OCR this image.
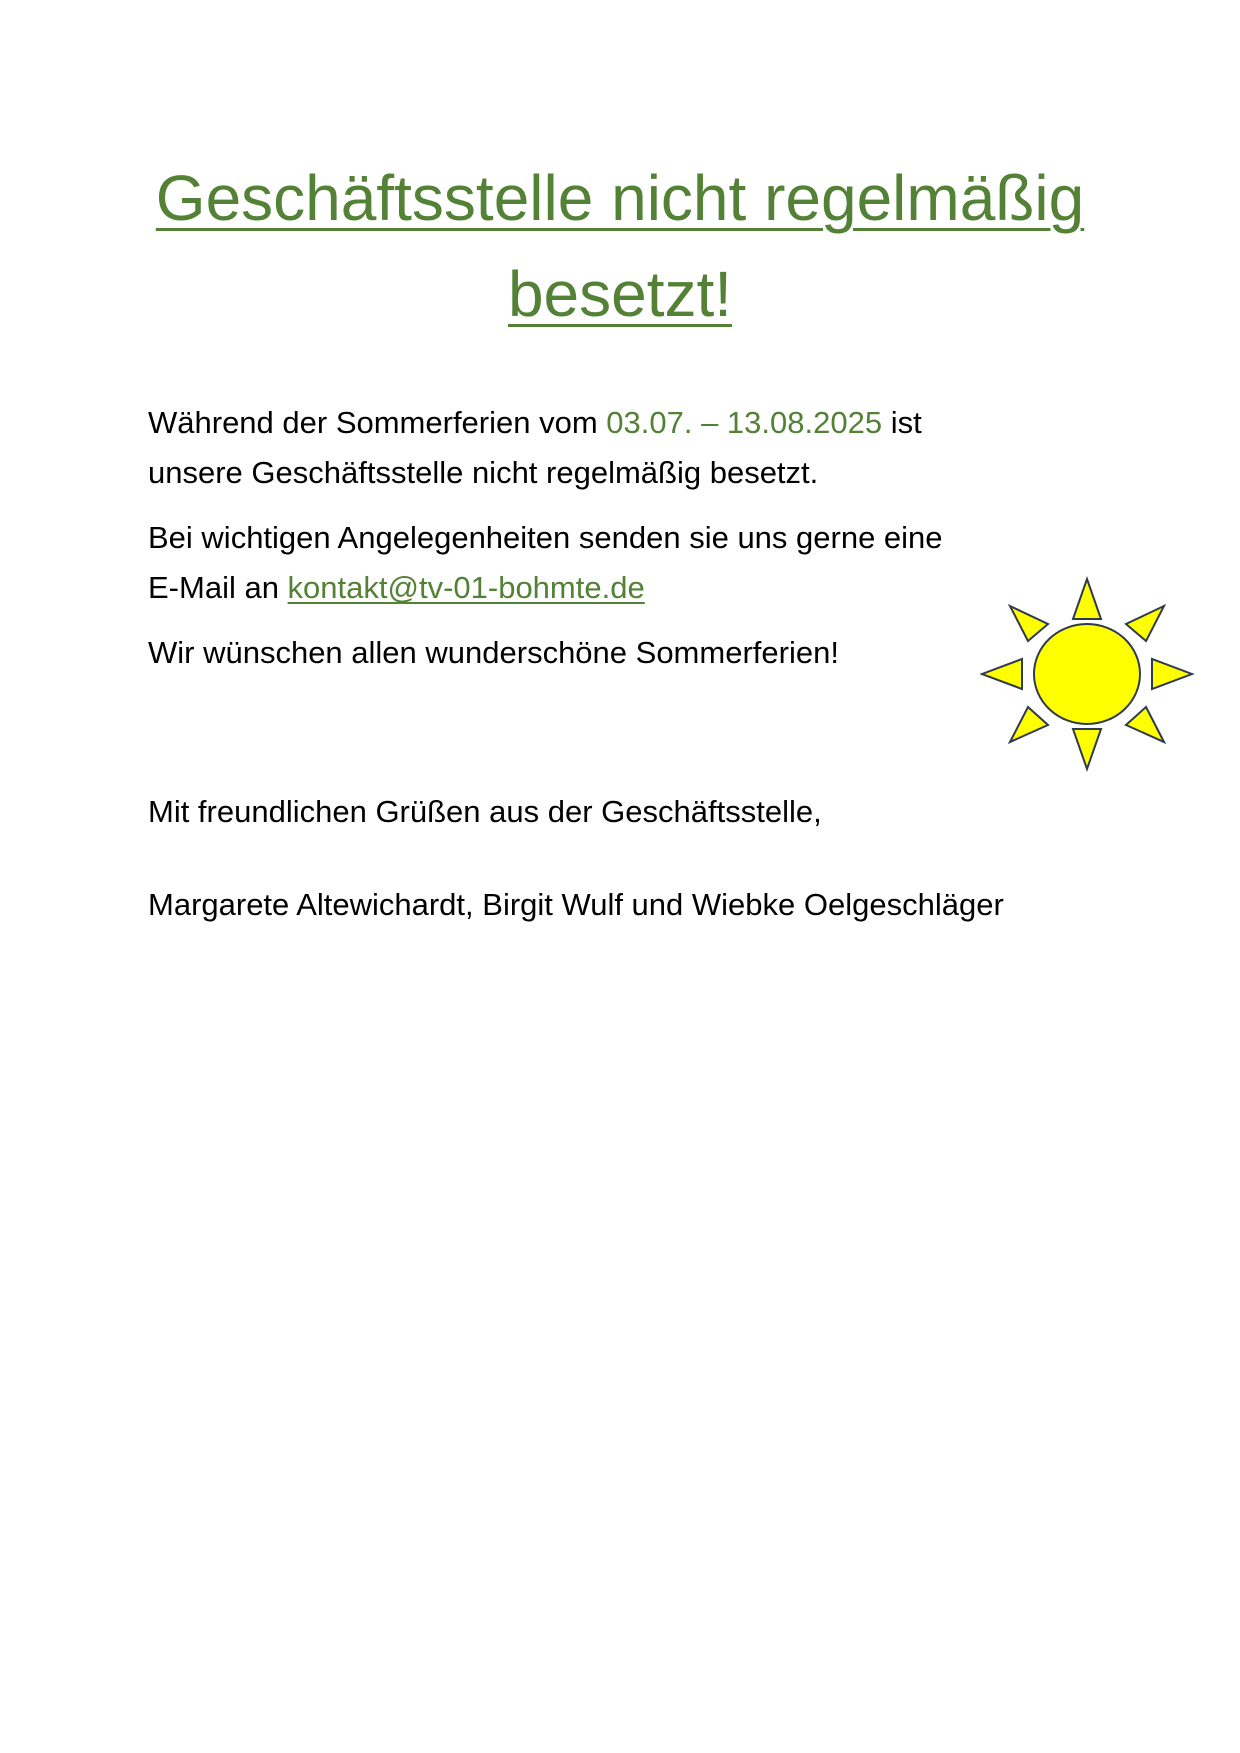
Geschäftsstelle nicht regelmäßig
besetzt!

Während der Sommerferien vom 03.07. – 13.08.2025 ist
unsere Geschäftsstelle nicht regelmäßig besetzt.

Bei wichtigen Angelegenheiten senden sie uns gerne eine
E-Mail an kontakt@tv-01-bohmte.de

Wir wünschen allen wunderschöne Sommerferien!

Mit freundlichen Grüßen aus der Geschäftsstelle,

Margarete Altewichardt, Birgit Wulf und Wiebke Oelgeschläger
